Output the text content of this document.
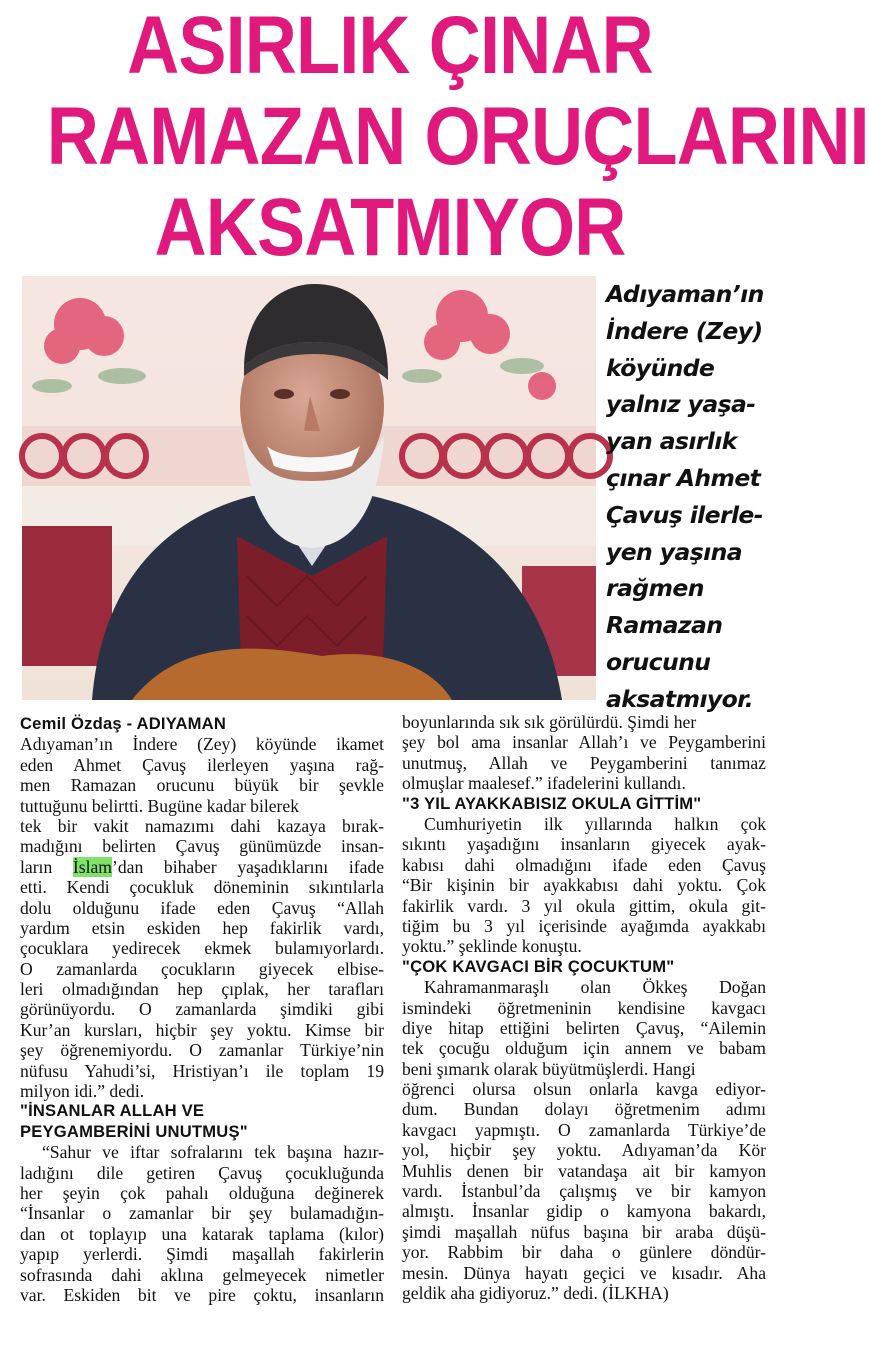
ASIRLIK ÇINAR
RAMAZAN ORUÇLARINI
AKSATMIYOR
Adıyaman’ın
İndere (Zey)
köyünde
yalnız yaşa-
yan asırlık
çınar Ahmet
Çavuş ilerle-
yen yaşına
rağmen
Ramazan
orucunu
aksatmıyor.
Cemil Özdaş - ADIYAMAN
Adıyaman’ın İndere (Zey) köyünde ikamet
eden Ahmet Çavuş ilerleyen yaşına rağ-
men Ramazan orucunu büyük bir şevkle
tuttuğunu belirtti. Bugüne kadar bilerek
tek bir vakit namazımı dahi kazaya bırak-
madığını belirten Çavuş günümüzde insan-
ların İslam’dan bihaber yaşadıklarını ifade
etti. Kendi çocukluk döneminin sıkıntılarla
dolu olduğunu ifade eden Çavuş “Allah
yardım etsin eskiden hep fakirlik vardı,
çocuklara yedirecek ekmek bulamıyorlardı.
O zamanlarda çocukların giyecek elbise-
leri olmadığından hep çıplak, her tarafları
görünüyordu. O zamanlarda şimdiki gibi
Kur’an kursları, hiçbir şey yoktu. Kimse bir
şey öğrenemiyordu. O zamanlar Türkiye’nin
nüfusu Yahudi’si, Hristiyan’ı ile toplam 19
milyon idi.” dedi.
"İNSANLAR ALLAH VE
PEYGAMBERİNİ UNUTMUŞ"
“Sahur ve iftar sofralarını tek başına hazır-
ladığını dile getiren Çavuş çocukluğunda
her şeyin çok pahalı olduğuna değinerek
“İnsanlar o zamanlar bir şey bulamadığın-
dan ot toplayıp una katarak taplama (kılor)
yapıp yerlerdi. Şimdi maşallah fakirlerin
sofrasında dahi aklına gelmeyecek nimetler
var. Eskiden bit ve pire çoktu, insanların
boyunlarında sık sık görülürdü. Şimdi her
şey bol ama insanlar Allah’ı ve Peygamberini
unutmuş, Allah ve Peygamberini tanımaz
olmuşlar maalesef.” ifadelerini kullandı.
"3 YIL AYAKKABISIZ OKULA GİTTİM"
Cumhuriyetin ilk yıllarında halkın çok
sıkıntı yaşadığını insanların giyecek ayak-
kabısı dahi olmadığını ifade eden Çavuş
“Bir kişinin bir ayakkabısı dahi yoktu. Çok
fakirlik vardı. 3 yıl okula gittim, okula git-
tiğim bu 3 yıl içerisinde ayağımda ayakkabı
yoktu.” şeklinde konuştu.
"ÇOK KAVGACI BİR ÇOCUKTUM"
Kahramanmaraşlı olan Ökkeş Doğan
ismindeki öğretmeninin kendisine kavgacı
diye hitap ettiğini belirten Çavuş, “Ailemin
tek çocuğu olduğum için annem ve babam
beni şımarık olarak büyütmüşlerdi. Hangi
öğrenci olursa olsun onlarla kavga ediyor-
dum. Bundan dolayı öğretmenim adımı
kavgacı yapmıştı. O zamanlarda Türkiye’de
yol, hiçbir şey yoktu. Adıyaman’da Kör
Muhlis denen bir vatandaşa ait bir kamyon
vardı. İstanbul’da çalışmış ve bir kamyon
almıştı. İnsanlar gidip o kamyona bakardı,
şimdi maşallah nüfus başına bir araba düşü-
yor. Rabbim bir daha o günlere döndür-
mesin. Dünya hayatı geçici ve kısadır. Aha
geldik aha gidiyoruz.” dedi. (İLKHA)
